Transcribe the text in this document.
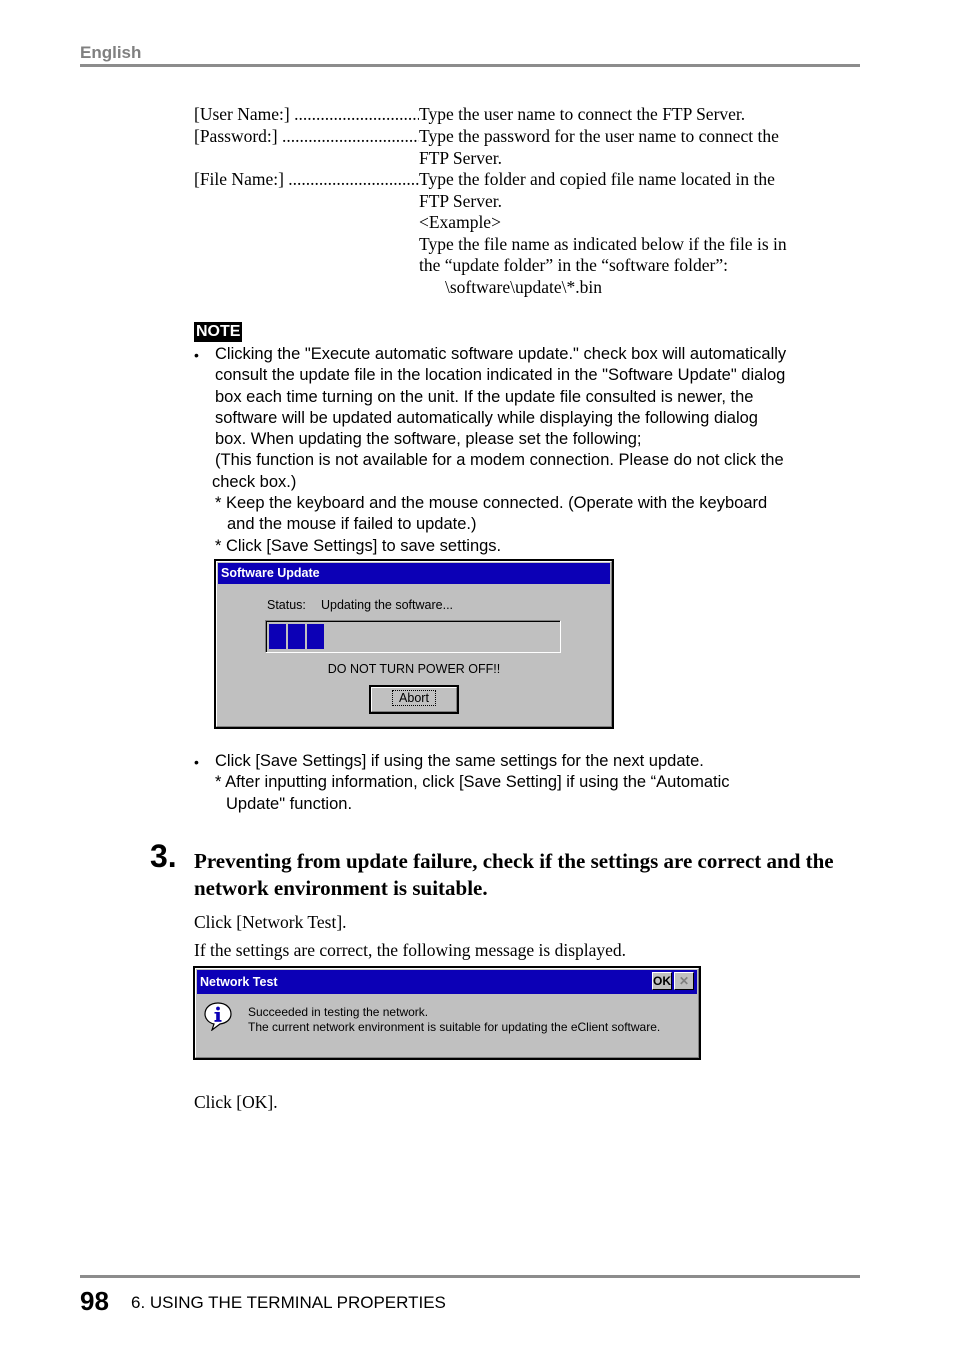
English
[User Name:] .....	Type the user name to connect the FTP Server.
[Password:] .....	Type the password for the user name to connect the
FTP Server.
[File Name:] .....	Type the folder and copied file name located in the
FTP Server.
<Example>
Type the file name as indicated below if the file is in
the “update folder” in the “software folder”:
\software\update\*.bin
NOTE
• Clicking the "Execute automatic software update." check box will automatically
consult the update file in the location indicated in the "Software Update" dialog
box each time turning on the unit. If the update file consulted is newer, the
software will be updated automatically while displaying the following dialog
box. When updating the software, please set the following;
(This function is not available for a modem connection. Please do not click the
check box.)
* Keep the keyboard and the mouse connected. (Operate with the keyboard
and the mouse if failed to update.)
* Click [Save Settings] to save settings.
Software Update
Status: Updating the software...
DO NOT TURN POWER OFF!!
Abort
• Click [Save Settings] if using the same settings for the next update.
* After inputting information, click [Save Setting] if using the “Automatic
Update" function.
3. Preventing from update failure, check if the settings are correct and the network environment is suitable.
Click [Network Test].
If the settings are correct, the following message is displayed.
Network Test	OK ✕
Succeeded in testing the network.
The current network environment is suitable for updating the eClient software.
Click [OK].
98 6. USING THE TERMINAL PROPERTIES
